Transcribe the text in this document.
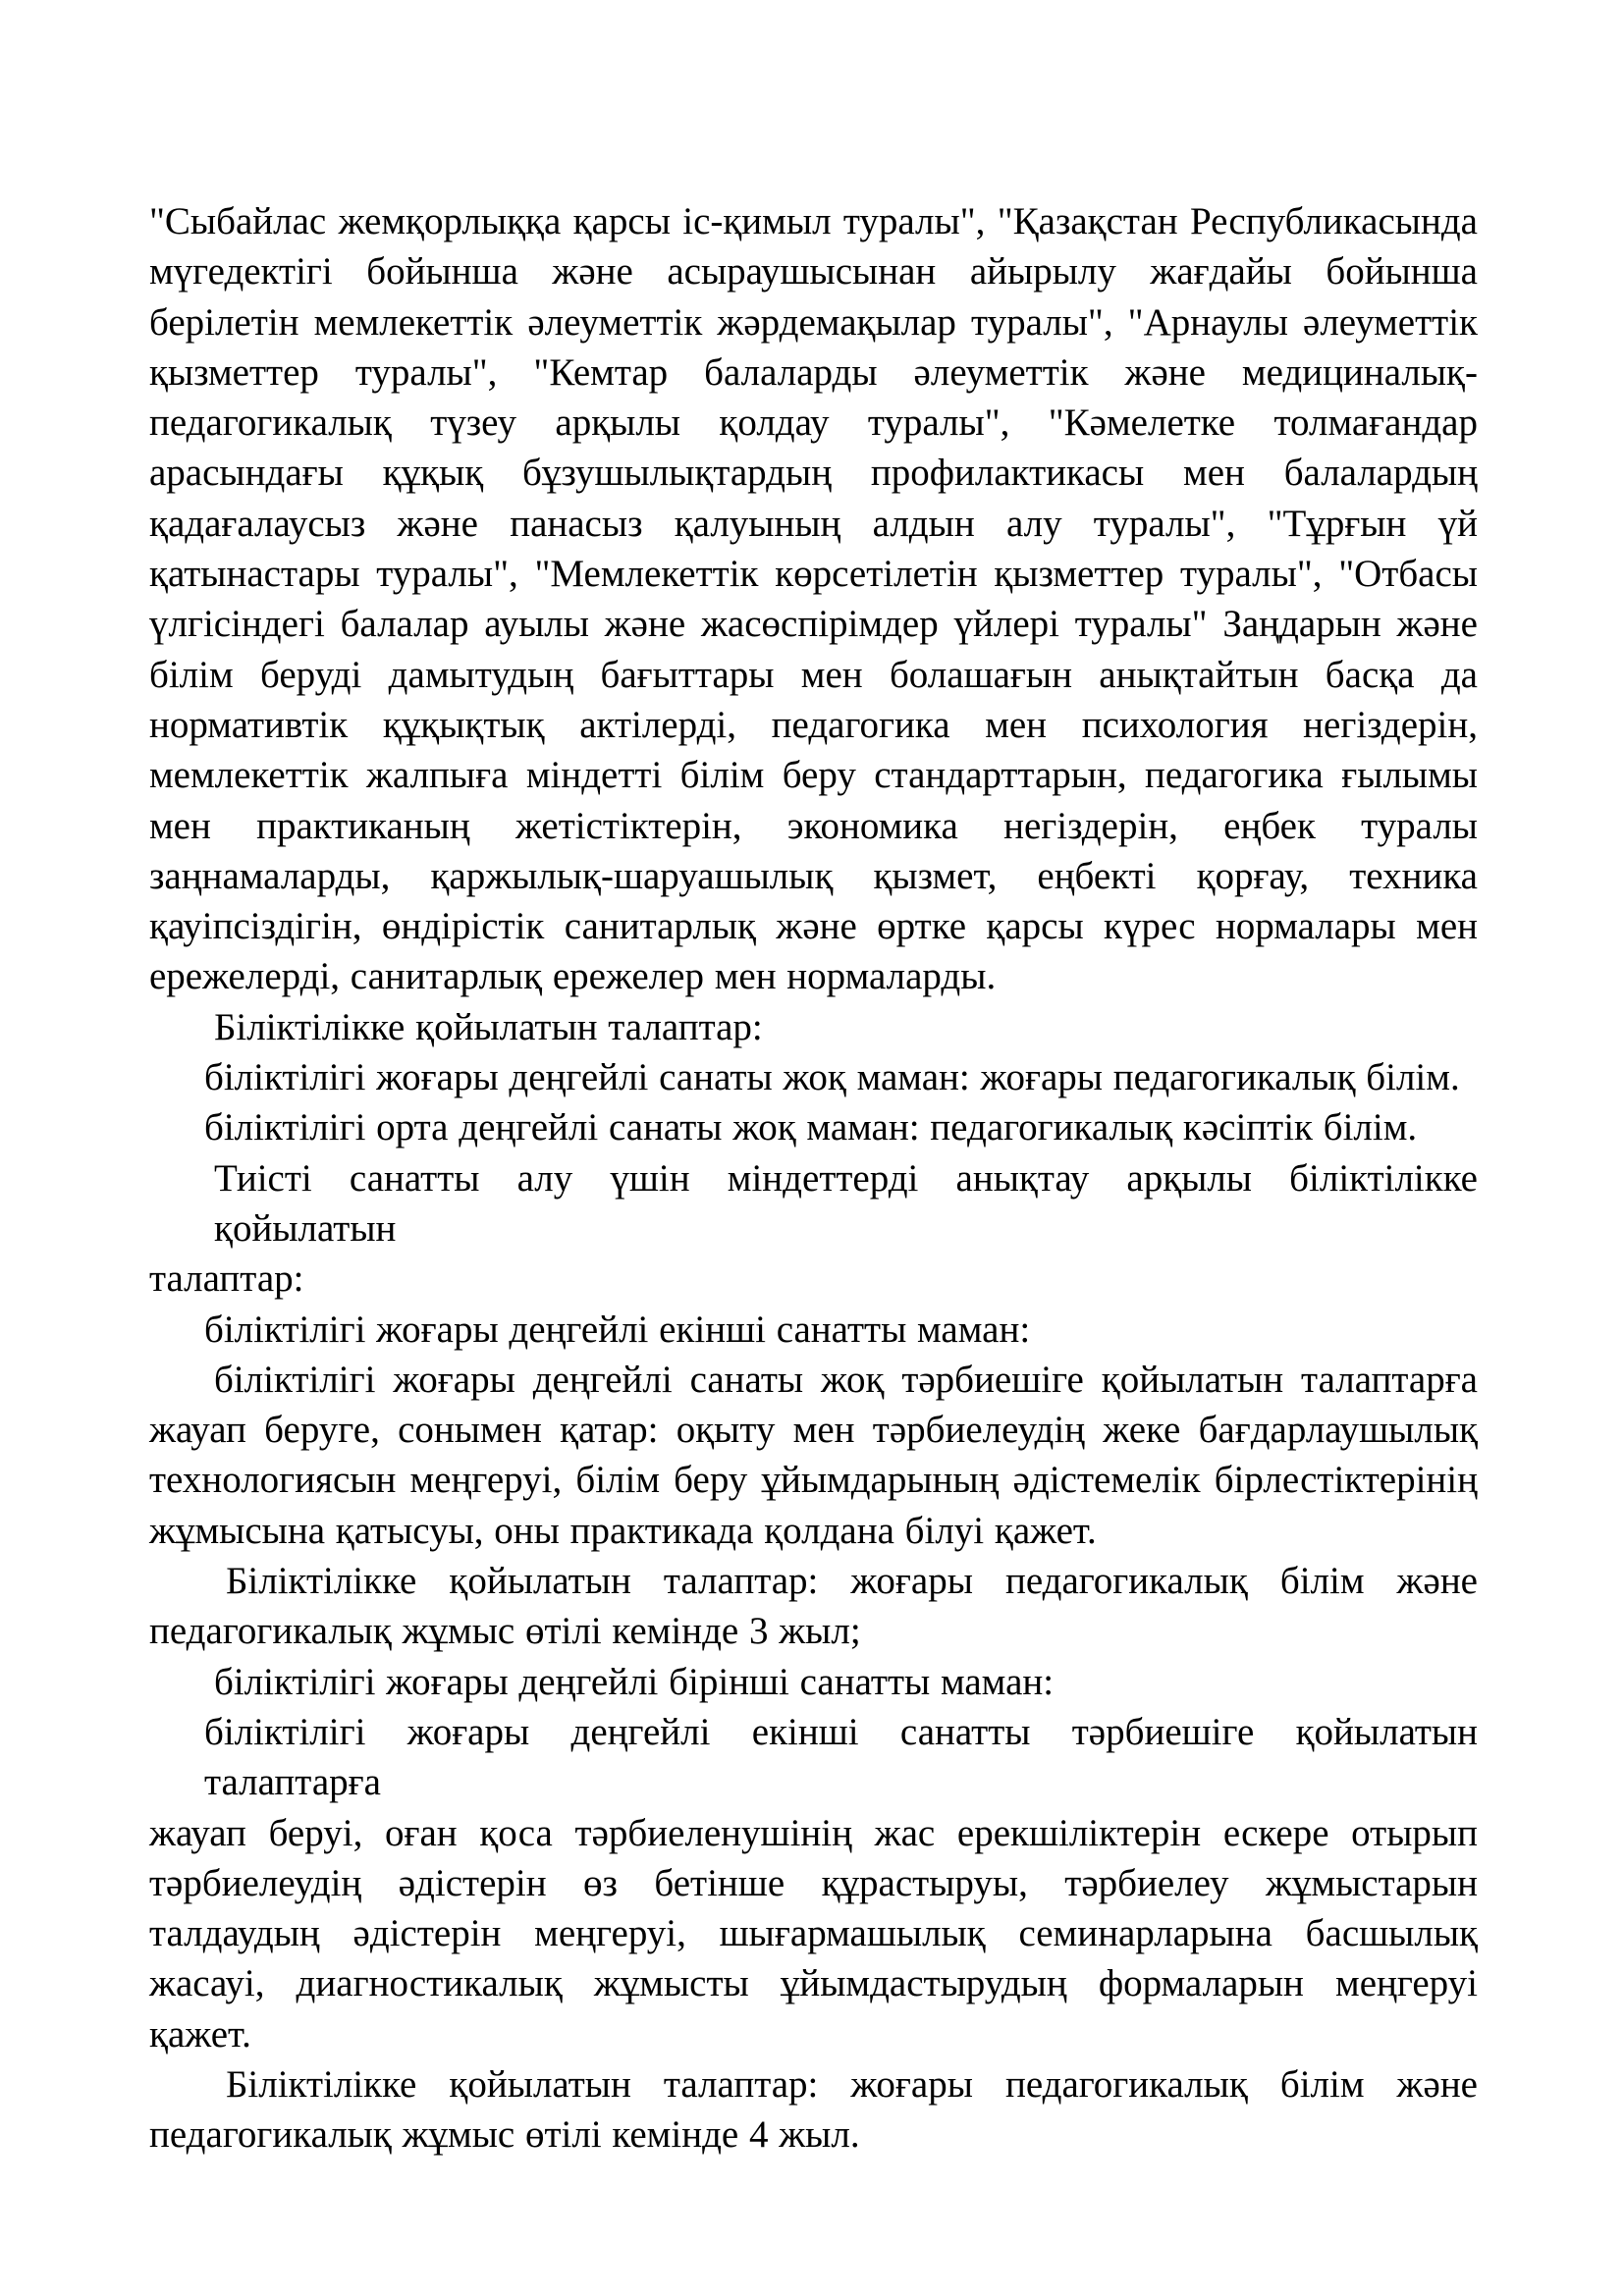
"Сыбайлас жемқорлыққа қарсы іс-қимыл туралы", "Қазақстан Республикасында
мүгедектігі бойынша және асыраушысынан айырылу жағдайы бойынша
берілетін мемлекеттік әлеуметтік жәрдемақылар туралы", "Арнаулы әлеуметтік
қызметтер туралы", "Кемтар балаларды әлеуметтік және медициналық-
педагогикалық түзеу арқылы қолдау туралы", "Кәмелетке толмағандар
арасындағы құқық бұзушылықтардың профилактикасы мен балалардың
қадағалаусыз және панасыз қалуының алдын алу туралы", "Тұрғын үй
қатынастары туралы", "Мемлекеттік көрсетілетін қызметтер туралы", "Отбасы
үлгісіндегі балалар ауылы және жасөспірімдер үйлері туралы" Заңдарын және
білім беруді дамытудың бағыттары мен болашағын анықтайтын басқа да
нормативтік құқықтық актілерді, педагогика мен психология негіздерін,
мемлекеттік жалпыға міндетті білім беру стандарттарын, педагогика ғылымы
мен практиканың жетістіктерін, экономика негіздерін, еңбек туралы
заңнамаларды, қаржылық-шаруашылық қызмет, еңбекті қорғау, техника
қауіпсіздігін, өндірістік санитарлық және өртке қарсы күрес нормалары мен
ережелерді, санитарлық ережелер мен нормаларды.
Біліктілікке қойылатын талаптар:
біліктілігі жоғары деңгейлі санаты жоқ маман: жоғары педагогикалық білім.
біліктілігі орта деңгейлі санаты жоқ маман: педагогикалық кәсіптік білім.
Тиісті санатты алу үшін міндеттерді анықтау арқылы біліктілікке қойылатын
талаптар:
біліктілігі жоғары деңгейлі екінші санатты маман:
біліктілігі жоғары деңгейлі санаты жоқ тәрбиешіге қойылатын талаптарға
жауап беруге, сонымен қатар: оқыту мен тәрбиелеудің жеке бағдарлаушылық
технологиясын меңгеруі, білім беру ұйымдарының әдістемелік бірлестіктерінің
жұмысына қатысуы, оны практикада қолдана білуі қажет.
Біліктілікке қойылатын талаптар: жоғары педагогикалық білім және
педагогикалық жұмыс өтілі кемінде 3 жыл;
біліктілігі жоғары деңгейлі бірінші санатты маман:
біліктілігі жоғары деңгейлі екінші санатты тәрбиешіге қойылатын талаптарға
жауап беруі, оған қоса тәрбиеленушінің жас ерекшіліктерін ескере отырып
тәрбиелеудің әдістерін өз бетінше құрастыруы, тәрбиелеу жұмыстарын
талдаудың әдістерін меңгеруі, шығармашылық семинарларына басшылық
жасауі, диагностикалық жұмысты ұйымдастырудың формаларын меңгеруі
қажет.
Біліктілікке қойылатын талаптар: жоғары педагогикалық білім және
педагогикалық жұмыс өтілі кемінде 4 жыл.
